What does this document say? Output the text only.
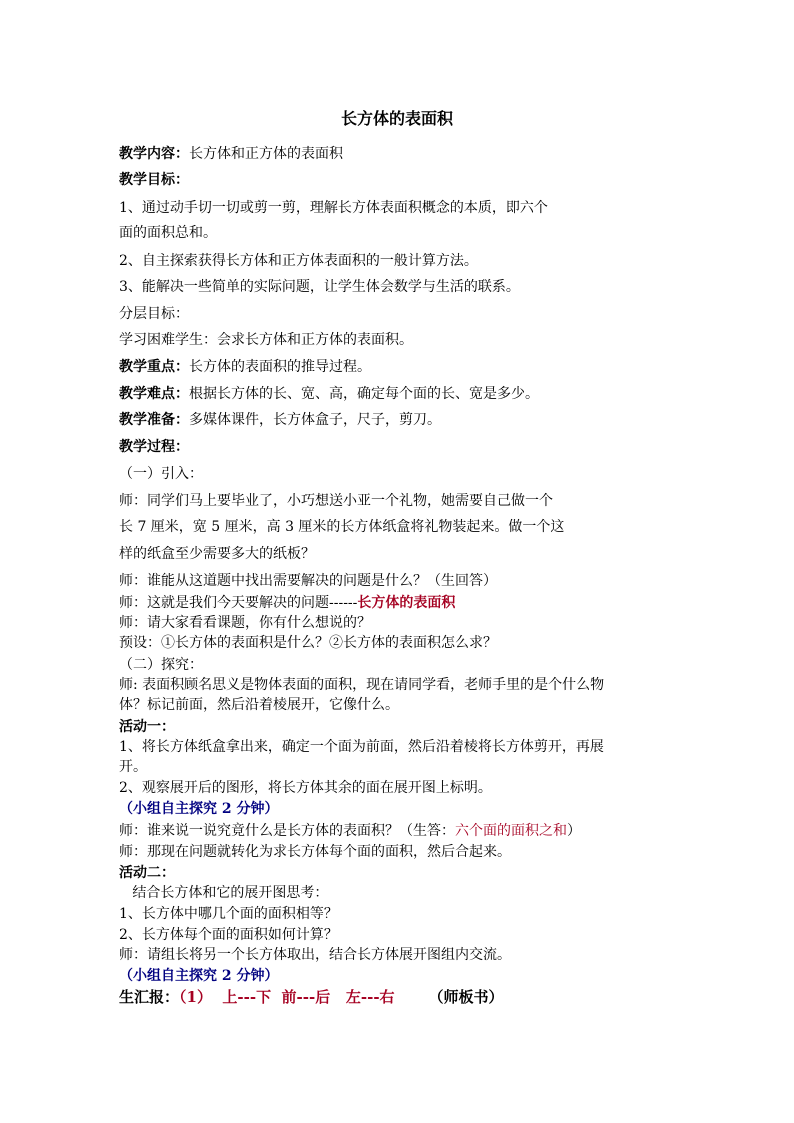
长方体的表面积
教学内容：长方体和正方体的表面积
教学目标：
1、通过动手切一切或剪一剪，理解长方体表面积概念的本质，即六个
面的面积总和。
2、自主探索获得长方体和正方体表面积的一般计算方法。
3、能解决一些简单的实际问题，让学生体会数学与生活的联系。
分层目标：
学习困难学生：会求长方体和正方体的表面积。
教学重点：长方体的表面积的推导过程。
教学难点：根据长方体的长、宽、高，确定每个面的长、宽是多少。
教学准备：多媒体课件，长方体盒子，尺子，剪刀。
教学过程：
（一）引入：
师：同学们马上要毕业了，小巧想送小亚一个礼物，她需要自己做一个
长 7 厘米，宽 5 厘米，高 3 厘米的长方体纸盒将礼物装起来。做一个这
样的纸盒至少需要多大的纸板？
师：谁能从这道题中找出需要解决的问题是什么？（生回答）
师：这就是我们今天要解决的问题------长方体的表面积
师：请大家看看课题，你有什么想说的？
预设：①长方体的表面积是什么？②长方体的表面积怎么求？
（二）探究：
师: 表面积顾名思义是物体表面的面积，现在请同学看，老师手里的是个什么物
体？标记前面，然后沿着棱展开，它像什么。
活动一：
1、将长方体纸盒拿出来，确定一个面为前面，然后沿着棱将长方体剪开，再展
开。
2、观察展开后的图形，将长方体其余的面在展开图上标明。
（小组自主探究 2 分钟）
师：谁来说一说究竟什么是长方体的表面积？（生答：六个面的面积之和）
师：那现在问题就转化为求长方体每个面的面积，然后合起来。
活动二：
结合长方体和它的展开图思考：
1、长方体中哪几个面的面积相等？
2、长方体每个面的面积如何计算？
师：请组长将另一个长方体取出，结合长方体展开图组内交流。
（小组自主探究 2 分钟）
生汇报：（1）  上---下  前---后   左---右 （师板书）
